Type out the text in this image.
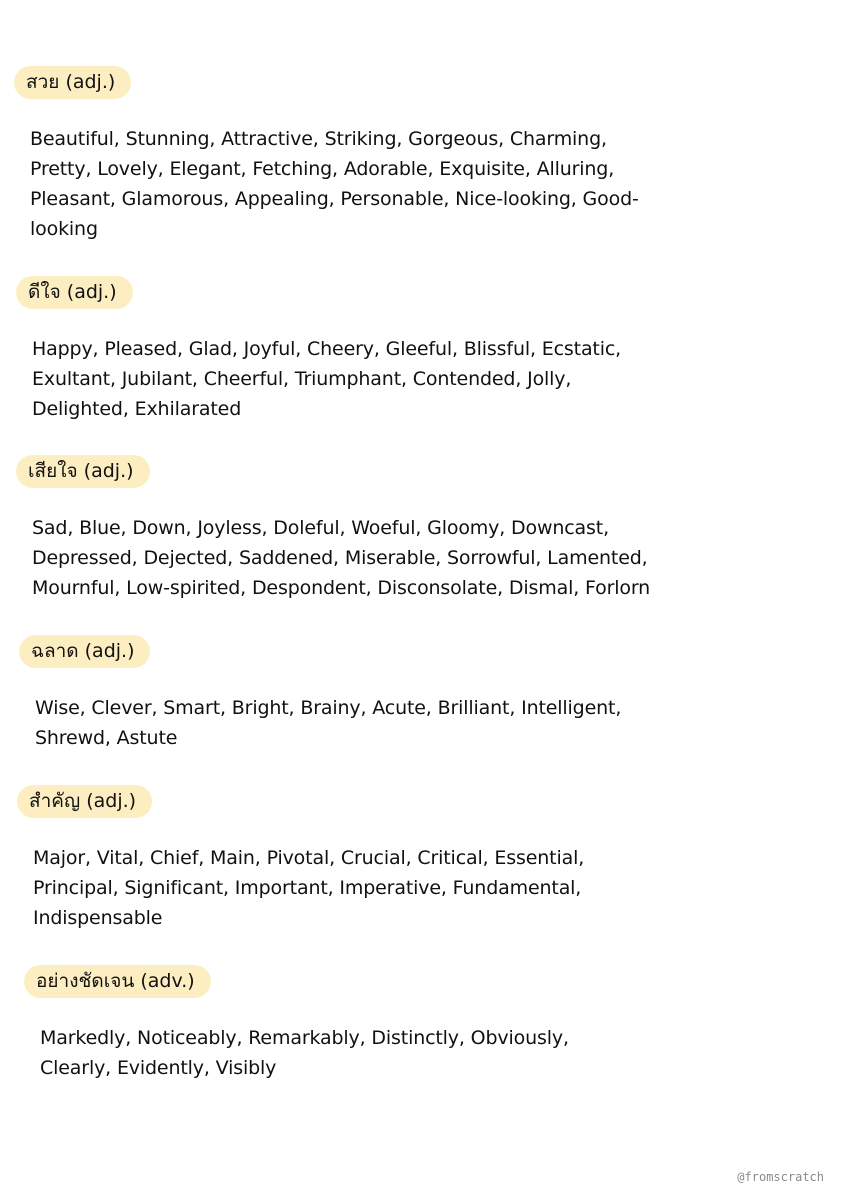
สวย (adj.)
Beautiful, Stunning, Attractive, Striking, Gorgeous, Charming,
Pretty, Lovely, Elegant, Fetching, Adorable, Exquisite, Alluring,
Pleasant, Glamorous, Appealing, Personable, Nice-looking, Good-
looking
ดีใจ (adj.)
Happy, Pleased, Glad, Joyful, Cheery, Gleeful, Blissful, Ecstatic,
Exultant, Jubilant, Cheerful, Triumphant, Contended, Jolly,
Delighted, Exhilarated
เสียใจ (adj.)
Sad, Blue, Down, Joyless, Doleful, Woeful, Gloomy, Downcast,
Depressed, Dejected, Saddened, Miserable, Sorrowful, Lamented,
Mournful, Low-spirited, Despondent, Disconsolate, Dismal, Forlorn
ฉลาด (adj.)
Wise, Clever, Smart, Bright, Brainy, Acute, Brilliant, Intelligent,
Shrewd, Astute
สำคัญ (adj.)
Major, Vital, Chief, Main, Pivotal, Crucial, Critical, Essential,
Principal, Significant, Important, Imperative, Fundamental,
Indispensable
อย่างชัดเจน (adv.)
Markedly, Noticeably, Remarkably, Distinctly, Obviously,
Clearly, Evidently, Visibly
@fromscratch
